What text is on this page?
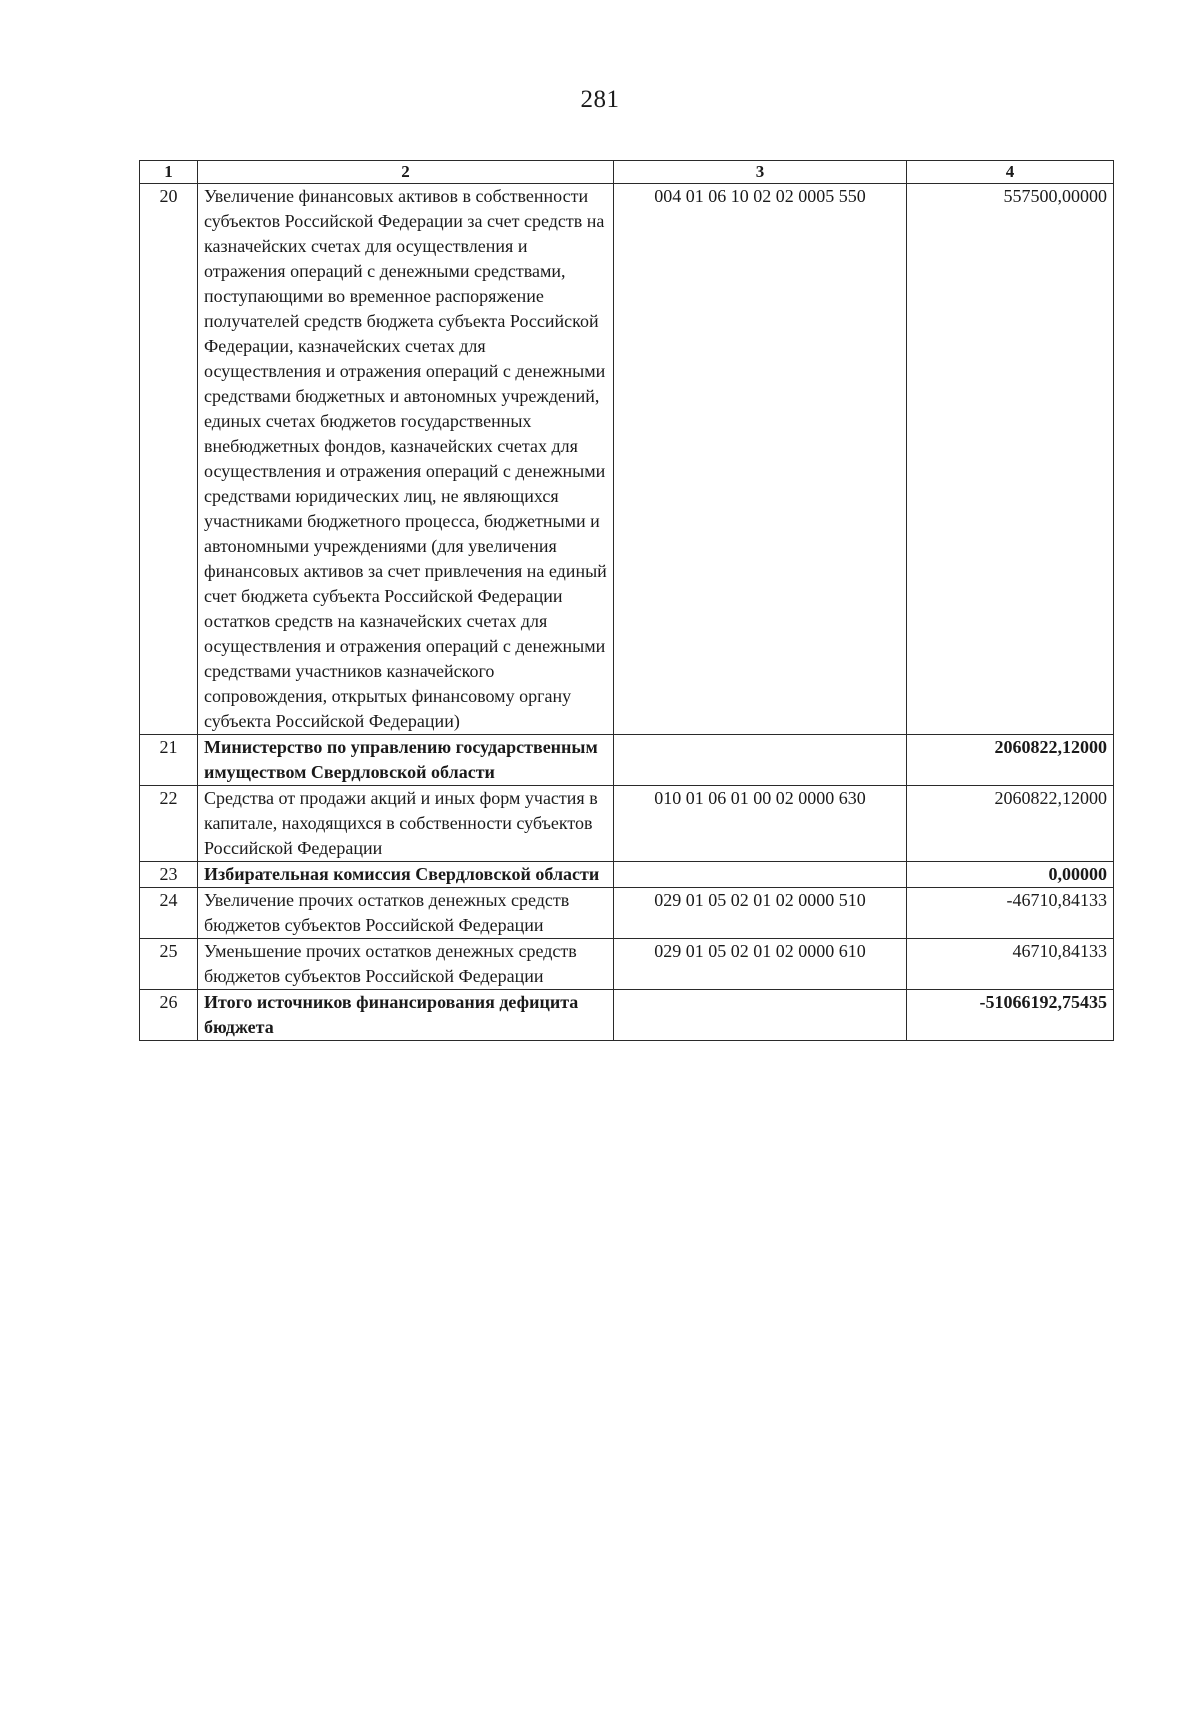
281
1	2	3	4
20	Увеличение финансовых активов в собственности субъектов Российской Федерации за счет средств на казначейских счетах для осуществления и отражения операций с денежными средствами, поступающими во временное распоряжение получателей средств бюджета субъекта Российской Федерации, казначейских счетах для осуществления и отражения операций с денежными средствами бюджетных и автономных учреждений, единых счетах бюджетов государственных внебюджетных фондов, казначейских счетах для осуществления и отражения операций с денежными средствами юридических лиц, не являющихся участниками бюджетного процесса, бюджетными и автономными учреждениями (для увеличения финансовых активов за счет привлечения на единый счет бюджета субъекта Российской Федерации остатков средств на казначейских счетах для осуществления и отражения операций с денежными средствами участников казначейского сопровождения, открытых финансовому органу субъекта Российской Федерации)	004 01 06 10 02 02 0005 550	557500,00000
21	Министерство по управлению государственным имуществом Свердловской области		2060822,12000
22	Средства от продажи акций и иных форм участия в капитале, находящихся в собственности субъектов Российской Федерации	010 01 06 01 00 02 0000 630	2060822,12000
23	Избирательная комиссия Свердловской области		0,00000
24	Увеличение прочих остатков денежных средств бюджетов субъектов Российской Федерации	029 01 05 02 01 02 0000 510	-46710,84133
25	Уменьшение прочих остатков денежных средств бюджетов субъектов Российской Федерации	029 01 05 02 01 02 0000 610	46710,84133
26	Итого источников финансирования дефицита бюджета		-51066192,75435
